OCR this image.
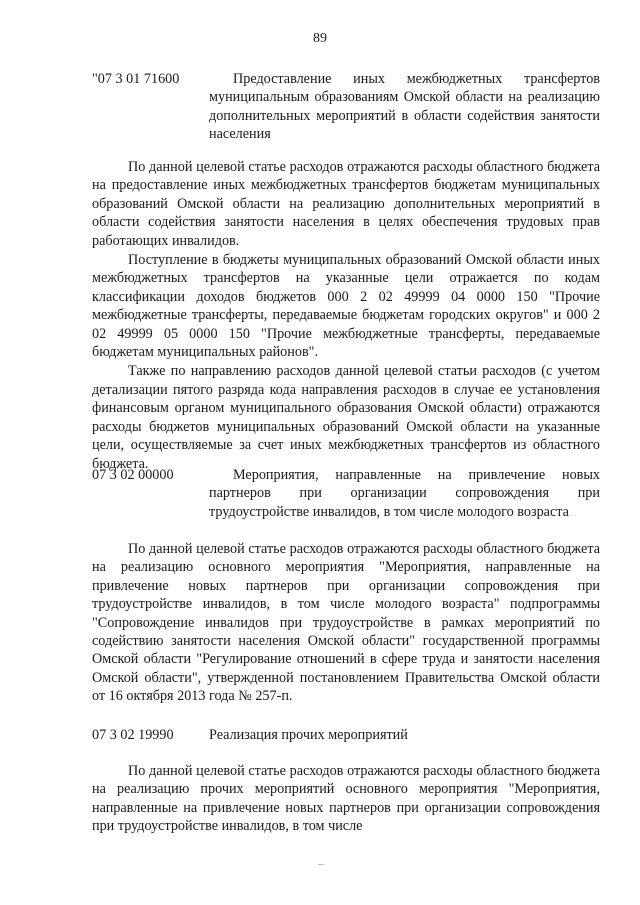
89
"07 3 01 71600	Предоставление иных межбюджетных трансфертов муниципальным образованиям Омской области на реализацию дополнительных мероприятий в области содействия занятости населения

По данной целевой статье расходов отражаются расходы областного бюджета на предоставление иных межбюджетных трансфертов бюджетам муниципальных образований Омской области на реализацию дополнительных мероприятий в области содействия занятости населения в целях обеспечения трудовых прав работающих инвалидов.

Поступление в бюджеты муниципальных образований Омской области иных межбюджетных трансфертов на указанные цели отражается по кодам классификации доходов бюджетов 000 2 02 49999 04 0000 150 "Прочие межбюджетные трансферты, передаваемые бюджетам городских округов" и 000 2 02 49999 05 0000 150 "Прочие межбюджетные трансферты, передаваемые бюджетам муниципальных районов".

Также по направлению расходов данной целевой статьи расходов (с учетом детализации пятого разряда кода направления расходов в случае ее установления финансовым органом муниципального образования Омской области) отражаются расходы бюджетов муниципальных образований Омской области на указанные цели, осуществляемые за счет иных межбюджетных трансфертов из областного бюджета.

07 3 02 00000	Мероприятия, направленные на привлечение новых партнеров при организации сопровождения при трудоустройстве инвалидов, в том числе молодого возраста

По данной целевой статье расходов отражаются расходы областного бюджета на реализацию основного мероприятия "Мероприятия, направленные на привлечение новых партнеров при организации сопровождения при трудоустройстве инвалидов, в том числе молодого возраста" подпрограммы "Сопровождение инвалидов при трудоустройстве в рамках мероприятий по содействию занятости населения Омской области" государственной программы Омской области "Регулирование отношений в сфере труда и занятости населения Омской области", утвержденной постановлением Правительства Омской области от 16 октября 2013 года № 257-п.

07 3 02 19990 Реализация прочих мероприятий

По данной целевой статье расходов отражаются расходы областного бюджета на реализацию прочих мероприятий основного мероприятия "Мероприятия, направленные на привлечение новых партнеров при организации сопровождения при трудоустройстве инвалидов, в том числе
